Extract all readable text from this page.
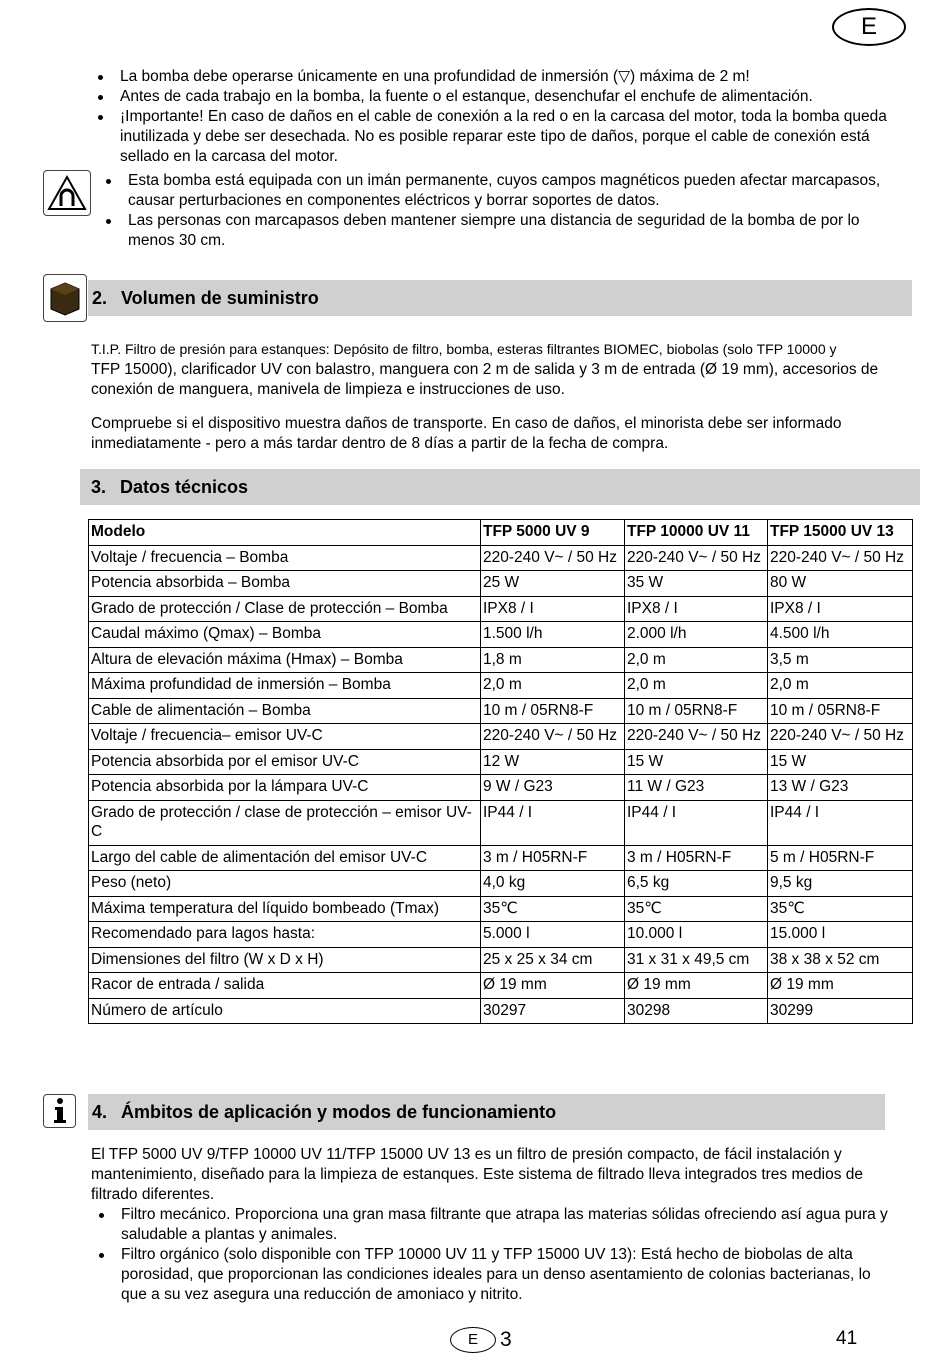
E
La bomba debe operarse únicamente en una profundidad de inmersión (▽) máxima de 2 m!
Antes de cada trabajo en la bomba, la fuente o el estanque, desenchufar el enchufe de alimentación.
¡Importante! En caso de daños en el cable de conexión a la red o en la carcasa del motor, toda la bomba queda inutilizada y debe ser desechada. No es posible reparar este tipo de daños, porque el cable de conexión está sellado en la carcasa del motor.
Esta bomba está equipada con un imán permanente, cuyos campos magnéticos pueden afectar marcapasos, causar perturbaciones en componentes eléctricos y borrar soportes de datos.
Las personas con marcapasos deben mantener siempre una distancia de seguridad de la bomba de por lo menos 30 cm.
2. Volumen de suministro

T.I.P. Filtro de presión para estanques: Depósito de filtro, bomba, esteras filtrantes BIOMEC, biobolas (solo TFP 10000 y
TFP 15000), clarificador UV con balastro, manguera con 2 m de salida y 3 m de entrada (Ø 19 mm), accesorios de conexión de manguera, manivela de limpieza e instrucciones de uso.

Compruebe si el dispositivo muestra daños de transporte. En caso de daños, el minorista debe ser informado inmediatamente - pero a más tardar dentro de 8 días a partir de la fecha de compra.

3. Datos técnicos
Modelo	TFP 5000 UV 9	TFP 10000 UV 11	TFP 15000 UV 13
Voltaje / frecuencia – Bomba	220-240 V~ / 50 Hz	220-240 V~ / 50 Hz	220-240 V~ / 50 Hz
Potencia absorbida – Bomba	25 W	35 W	80 W
Grado de protección / Clase de protección – Bomba	IPX8 / I	IPX8 / I	IPX8 / I
Caudal máximo (Qmax) – Bomba	1.500 l/h	2.000 l/h	4.500 l/h
Altura de elevación máxima (Hmax) – Bomba	1,8 m	2,0 m	3,5 m
Máxima profundidad de inmersión – Bomba	2,0 m	2,0 m	2,0 m
Cable de alimentación – Bomba	10 m / 05RN8-F	10 m / 05RN8-F	10 m / 05RN8-F
Voltaje / frecuencia– emisor UV-C	220-240 V~ / 50 Hz	220-240 V~ / 50 Hz	220-240 V~ / 50 Hz
Potencia absorbida por el emisor UV-C	12 W	15 W	15 W
Potencia absorbida por la lámpara UV-C	9 W / G23	11 W / G23	13 W / G23
Grado de protección / clase de protección – emisor UV-C	IP44 / I	IP44 / I	IP44 / I
Largo del cable de alimentación del emisor UV-C	3 m / H05RN-F	3 m / H05RN-F	5 m / H05RN-F
Peso (neto)	4,0 kg	6,5 kg	9,5 kg
Máxima temperatura del líquido bombeado (Tmax)	35℃	35℃	35℃
Recomendado para lagos hasta:	5.000 l	10.000 l	15.000 l
Dimensiones del filtro (W x D x H)	25 x 25 x 34 cm	31 x 31 x 49,5 cm	38 x 38 x 52 cm
Racor de entrada / salida	Ø 19 mm	Ø 19 mm	Ø 19 mm
Número de artículo	30297	30298	30299
4. Ámbitos de aplicación y modos de funcionamiento

El TFP 5000 UV 9/TFP 10000 UV 11/TFP 15000 UV 13 es un filtro de presión compacto, de fácil instalación y mantenimiento, diseñado para la limpieza de estanques. Este sistema de filtrado lleva integrados tres medios de filtrado diferentes.

Filtro mecánico. Proporciona una gran masa filtrante que atrapa las materias sólidas ofreciendo así agua pura y saludable a plantas y animales.
Filtro orgánico (solo disponible con TFP 10000 UV 11 y TFP 15000 UV 13): Está hecho de biobolas de alta porosidad, que proporcionan las condiciones ideales para un denso asentamiento de colonias bacterianas, lo que a su vez asegura una reducción de amoniaco y nitrito.
E	3	41
